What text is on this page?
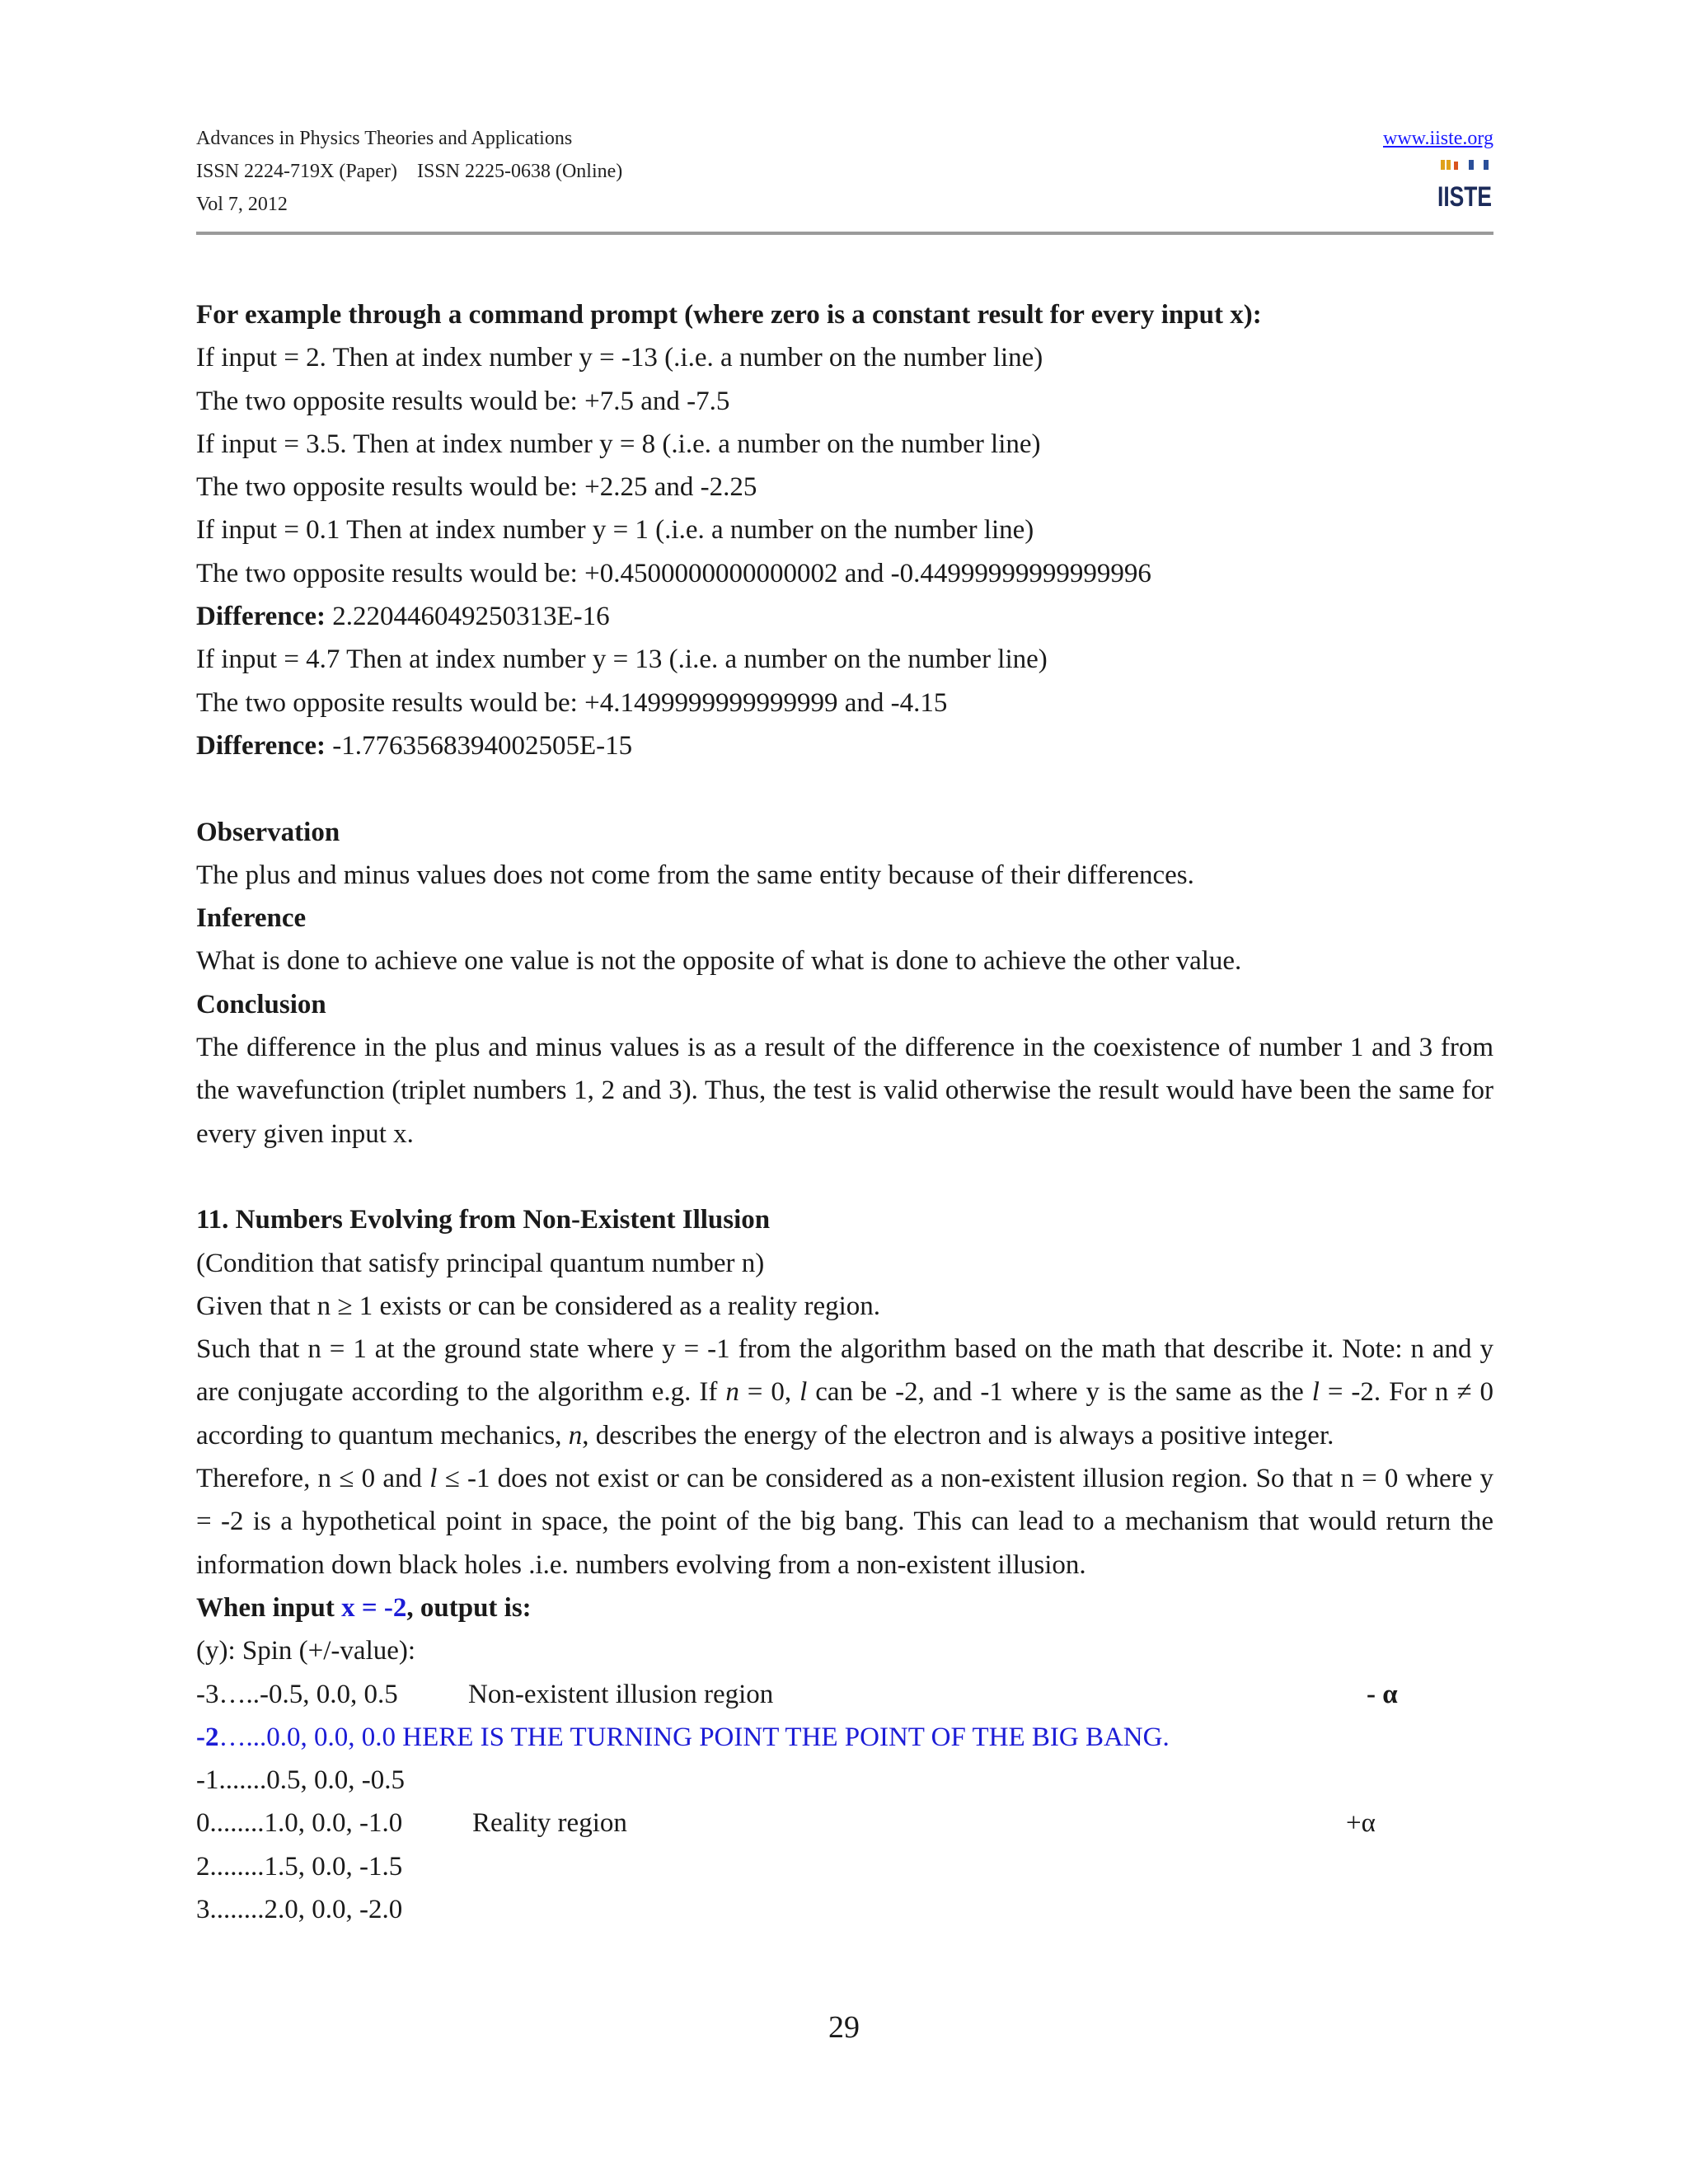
Advances in Physics Theories and Applications
ISSN 2224-719X (Paper)    ISSN 2225-0638 (Online)
Vol 7, 2012
www.iiste.org
IISTE

For example through a command prompt (where zero is a constant result for every input x):

If input = 2. Then at index number y = -13 (.i.e. a number on the number line)

The two opposite results would be: +7.5 and -7.5

If input = 3.5. Then at index number y = 8 (.i.e. a number on the number line)

The two opposite results would be: +2.25 and -2.25

If input = 0.1 Then at index number y = 1 (.i.e. a number on the number line)

The two opposite results would be: +0.4500000000000002 and -0.44999999999999996

Difference: 2.220446049250313E-16

If input = 4.7 Then at index number y = 13 (.i.e. a number on the number line)

The two opposite results would be: +4.1499999999999999 and -4.15

Difference: -1.7763568394002505E-15

Observation

The plus and minus values does not come from the same entity because of their differences.

Inference

What is done to achieve one value is not the opposite of what is done to achieve the other value.

Conclusion

The difference in the plus and minus values is as a result of the difference in the coexistence of number 1 and 3 from the wavefunction (triplet numbers 1, 2 and 3). Thus, the test is valid otherwise the result would have been the same for every given input x.

11. Numbers Evolving from Non-Existent Illusion

(Condition that satisfy principal quantum number n)

Given that n ≥ 1 exists or can be considered as a reality region.

Such that n = 1 at the ground state where y = -1 from the algorithm based on the math that describe it. Note: n and y are conjugate according to the algorithm e.g. If n = 0, l can be -2, and -1 where y is the same as the l = -2. For n ≠ 0 according to quantum mechanics, n, describes the energy of the electron and is always a positive integer.

Therefore, n ≤ 0 and l ≤ -1 does not exist or can be considered as a non-existent illusion region. So that n = 0 where y = -2 is a hypothetical point in space, the point of the big bang. This can lead to a mechanism that would return the information down black holes .i.e. numbers evolving from a non-existent illusion.

When input x = -2, output is:

(y): Spin (+/-value):

-3…..-0.5, 0.0, 0.5	Non-existent illusion region	- α
-2…...0.0, 0.0, 0.0 HERE IS THE TURNING POINT THE POINT OF THE BIG BANG.
-1.......0.5, 0.0, -0.5
0........1.0, 0.0, -1.0	Reality region	+α
2........1.5, 0.0, -1.5
3........2.0, 0.0, -2.0
29
